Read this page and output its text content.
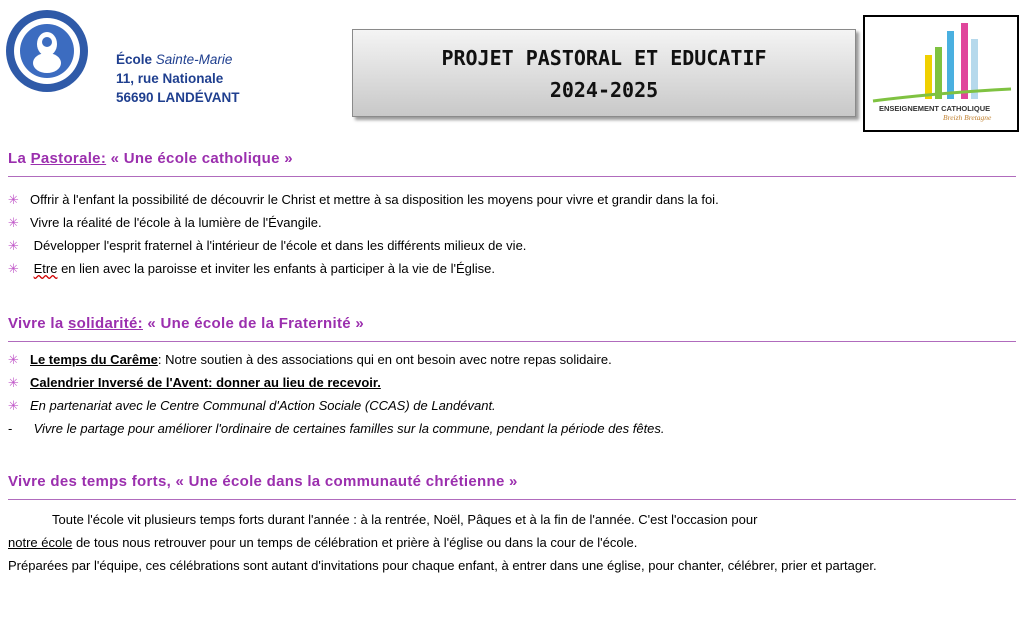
École Sainte-Marie
11, rue Nationale
56690 LANDÉVANT
PROJET PASTORAL ET EDUCATIF
2024-2025
ENSEIGNEMENT CATHOLIQUE
Breizh Bretagne
La Pastorale: « Une école catholique »
✳ Offrir à l'enfant la possibilité de découvrir le Christ et mettre à sa disposition les moyens pour vivre et grandir dans la foi.
✳ Vivre la réalité de l'école à la lumière de l'Évangile.
✳ Développer l'esprit fraternel à l'intérieur de l'école et dans les différents milieux de vie.
✳ Etre en lien avec la paroisse et inviter les enfants à participer à la vie de l'Église.
Vivre la solidarité: « Une école de la Fraternité »
✳ Le temps du Carême: Notre soutien à des associations qui en ont besoin avec notre repas solidaire.
✳ Calendrier Inversé de l'Avent: donner au lieu de recevoir.
✳ En partenariat avec le Centre Communal d'Action Sociale (CCAS) de Landévant.
- Vivre le partage pour améliorer l'ordinaire de certaines familles sur la commune, pendant la période des fêtes.
Vivre des temps forts, « Une école dans la communauté chrétienne »

Toute l'école vit plusieurs temps forts durant l'année : à la rentrée, Noël, Pâques et à la fin de l'année. C'est l'occasion pour
notre école de tous nous retrouver pour un temps de célébration et prière à l'église ou dans la cour de l'école.

Préparées par l'équipe, ces célébrations sont autant d'invitations pour chaque enfant, à entrer dans une église, pour chanter, célébrer, prier et partager.
